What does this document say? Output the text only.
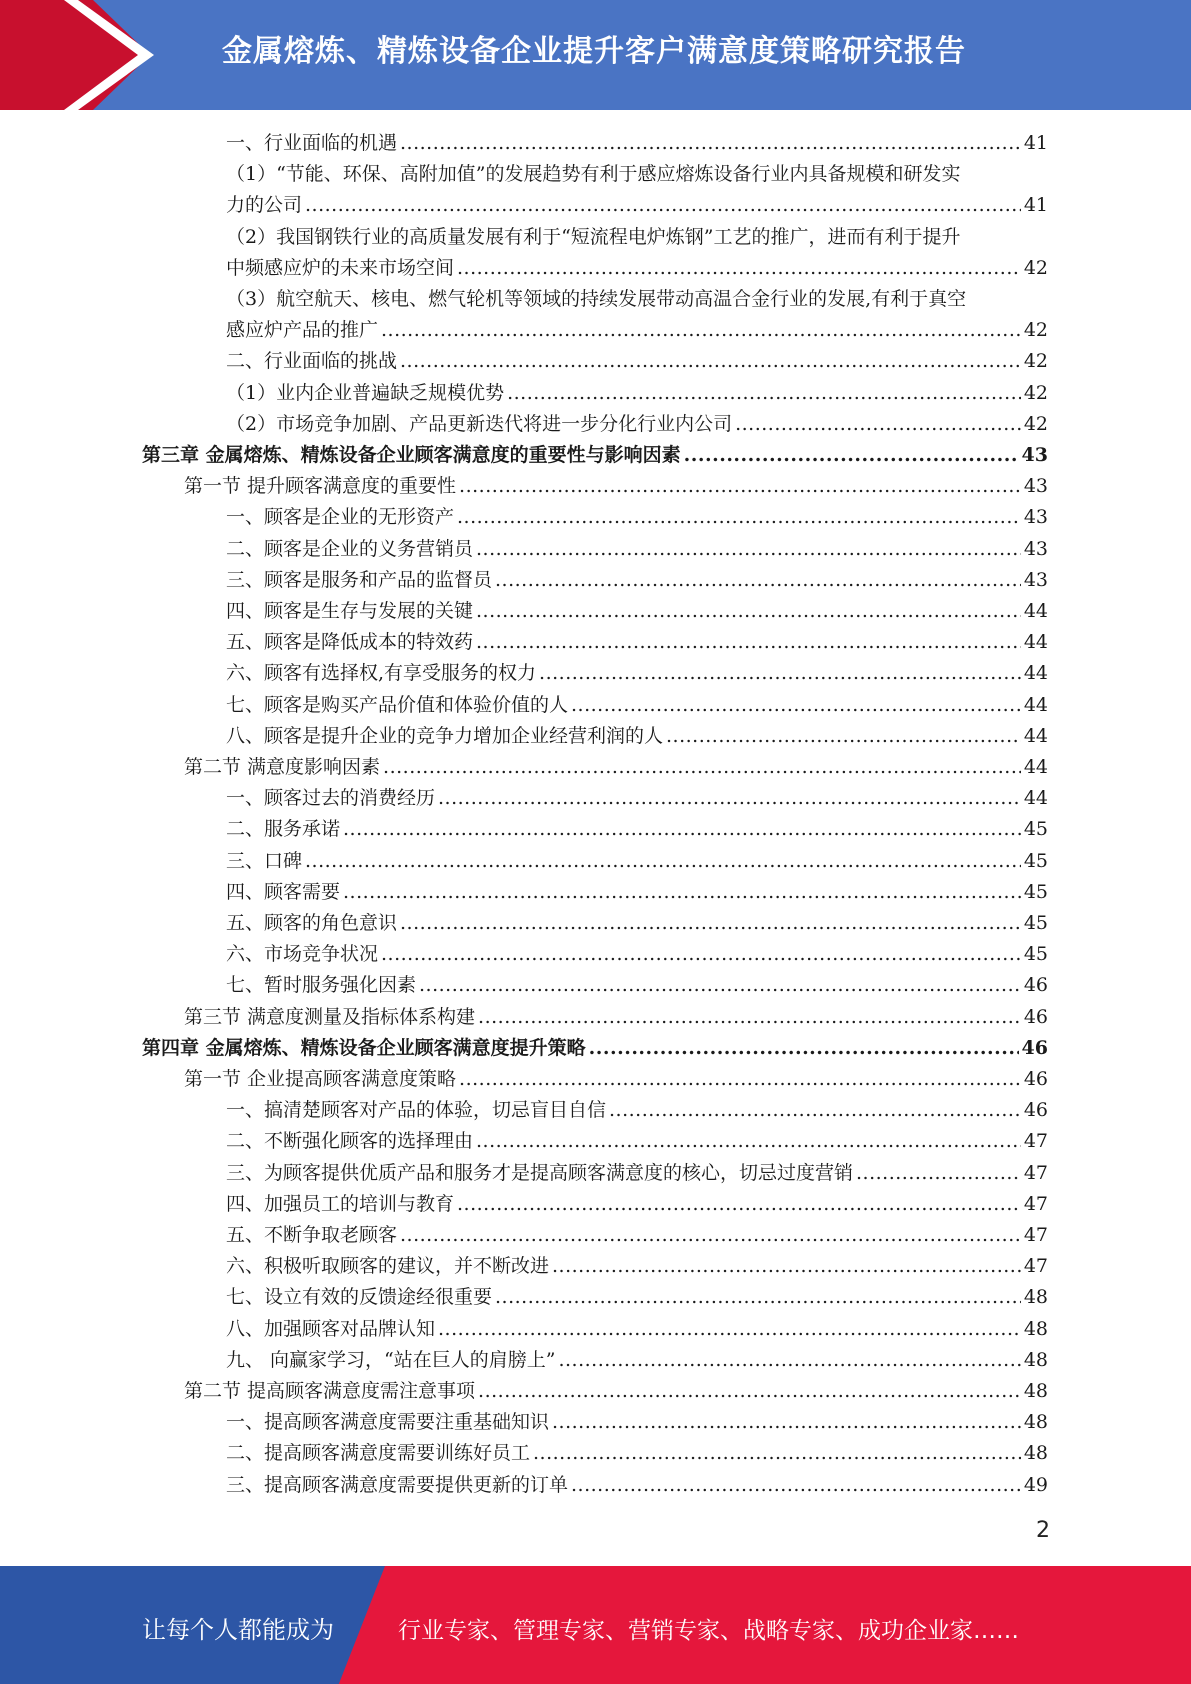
金属熔炼、精炼设备企业提升客户满意度策略研究报告
一、行业面临的机遇 .....	41
（1）“节能、环保、高附加值”的发展趋势有利于感应熔炼设备行业内具备规模和研发实
力的公司 .....	41
（2）我国钢铁行业的高质量发展有利于“短流程电炉炼钢”工艺的推广，进而有利于提升
中频感应炉的未来市场空间 .....	42
（3）航空航天、核电、燃气轮机等领域的持续发展带动高温合金行业的发展,有利于真空
感应炉产品的推广 .....	42
二、行业面临的挑战 .....	42
（1）业内企业普遍缺乏规模优势 .....	42
（2）市场竞争加剧、产品更新迭代将进一步分化行业内公司 .....	42
第三章 金属熔炼、精炼设备企业顾客满意度的重要性与影响因素 .....	43
第一节 提升顾客满意度的重要性 .....	43
一、顾客是企业的无形资产 .....	43
二、顾客是企业的义务营销员 .....	43
三、顾客是服务和产品的监督员 .....	43
四、顾客是生存与发展的关键 .....	44
五、顾客是降低成本的特效药 .....	44
六、顾客有选择权,有享受服务的权力 .....	44
七、顾客是购买产品价值和体验价值的人 .....	44
八、顾客是提升企业的竞争力增加企业经营利润的人 .....	44
第二节 满意度影响因素 .....	44
一、顾客过去的消费经历 .....	44
二、服务承诺 .....	45
三、口碑 .....	45
四、顾客需要 .....	45
五、顾客的角色意识 .....	45
六、市场竞争状况 .....	45
七、暂时服务强化因素 .....	46
第三节 满意度测量及指标体系构建 .....	46
第四章 金属熔炼、精炼设备企业顾客满意度提升策略 .....	46
第一节 企业提高顾客满意度策略 .....	46
一、搞清楚顾客对产品的体验，切忌盲目自信 .....	46
二、不断强化顾客的选择理由 .....	47
三、为顾客提供优质产品和服务才是提高顾客满意度的核心，切忌过度营销 .....	47
四、加强员工的培训与教育 .....	47
五、不断争取老顾客 .....	47
六、积极听取顾客的建议，并不断改进 .....	47
七、设立有效的反馈途经很重要 .....	48
八、加强顾客对品牌认知 .....	48
九、 向赢家学习，“站在巨人的肩膀上” .....	48
第二节 提高顾客满意度需注意事项 .....	48
一、提高顾客满意度需要注重基础知识 .....	48
二、提高顾客满意度需要训练好员工 .....	48
三、提高顾客满意度需要提供更新的订单 .....	49
2
让每个人都能成为	行业专家、管理专家、营销专家、战略专家、成功企业家……
